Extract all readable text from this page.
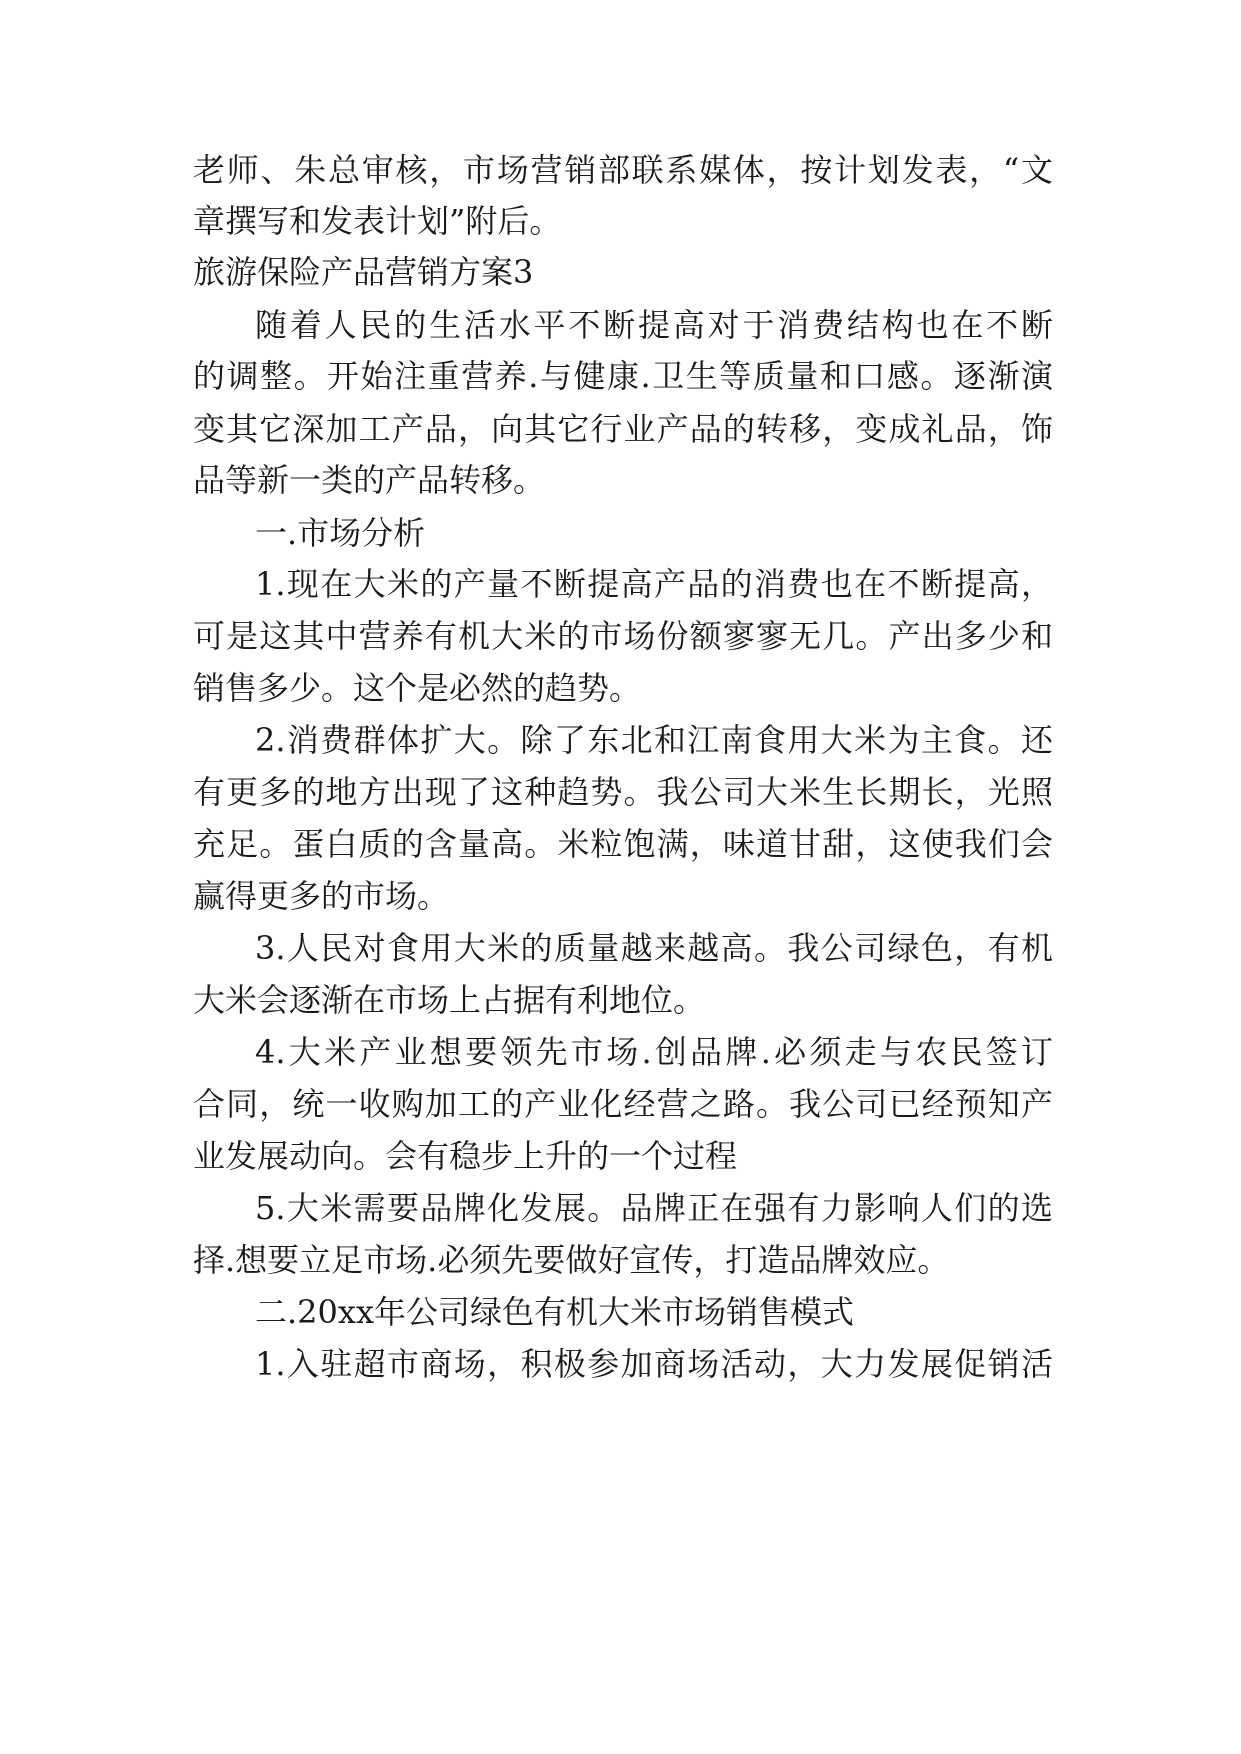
老师、朱总审核，市场营销部联系媒体，按计划发表，“文
章撰写和发表计划”附后。
旅游保险产品营销方案3
随着人民的生活水平不断提高对于消费结构也在不断
的调整。开始注重营养.与健康.卫生等质量和口感。逐渐演
变其它深加工产品，向其它行业产品的转移，变成礼品，饰
品等新一类的产品转移。
一.市场分析
1.现在大米的产量不断提高产品的消费也在不断提高，
可是这其中营养有机大米的市场份额寥寥无几。产出多少和
销售多少。这个是必然的趋势。
2.消费群体扩大。除了东北和江南食用大米为主食。还
有更多的地方出现了这种趋势。我公司大米生长期长，光照
充足。蛋白质的含量高。米粒饱满，味道甘甜，这使我们会
赢得更多的市场。
3.人民对食用大米的质量越来越高。我公司绿色，有机
大米会逐渐在市场上占据有利地位。
4.大米产业想要领先市场.创品牌.必须走与农民签订
合同，统一收购加工的产业化经营之路。我公司已经预知产
业发展动向。会有稳步上升的一个过程
5.大米需要品牌化发展。品牌正在强有力影响人们的选
择.想要立足市场.必须先要做好宣传，打造品牌效应。
二.20xx年公司绿色有机大米市场销售模式
1.入驻超市商场，积极参加商场活动，大力发展促销活
